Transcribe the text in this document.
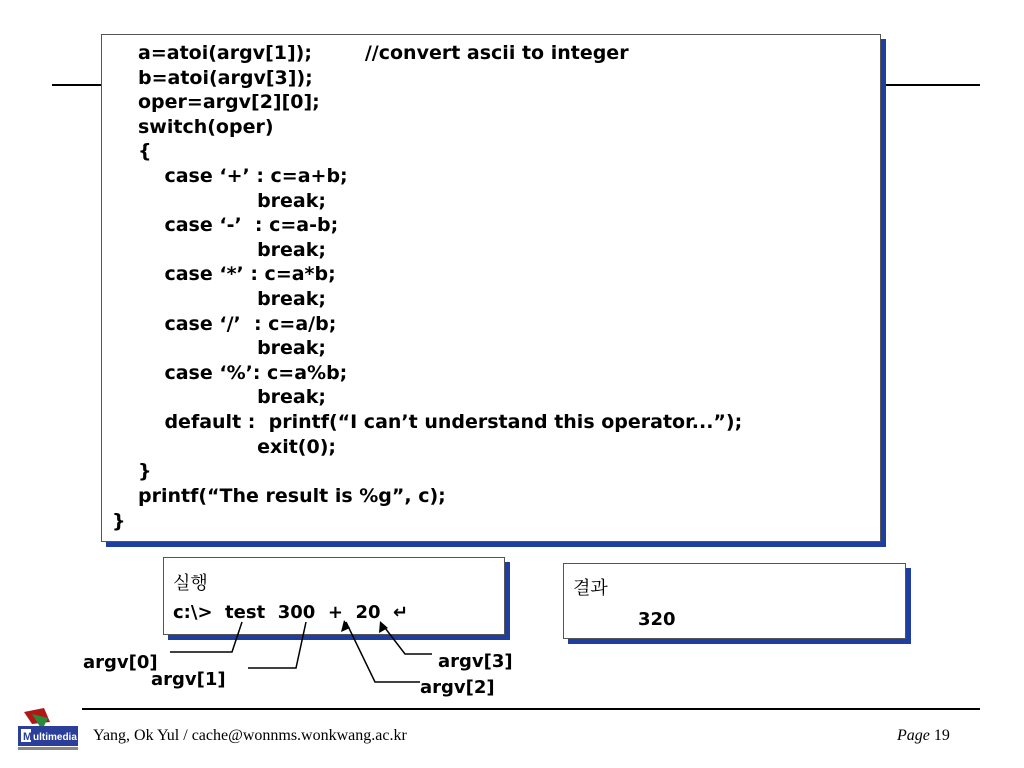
a=atoi(argv[1]);        //convert ascii to integer
b=atoi(argv[3]);
oper=argv[2][0];
switch(oper)
{
case ‘+’ : c=a+b;
break;
case ‘-’  : c=a-b;
break;
case ‘*’ : c=a*b;
break;
case ‘/’  : c=a/b;
break;
case ‘%’: c=a%b;
break;
default :  printf(“I can’t understand this operator...”);
exit(0);
}
printf(“The result is %g”, c);
}
실행
c:\>  test  300  +  20  ↵
결과
320
argv[0]
argv[1]
argv[3]
argv[2]
M ultimedia Yang, Ok Yul / cache@wonnms.wonkwang.ac.kr	Page 19
